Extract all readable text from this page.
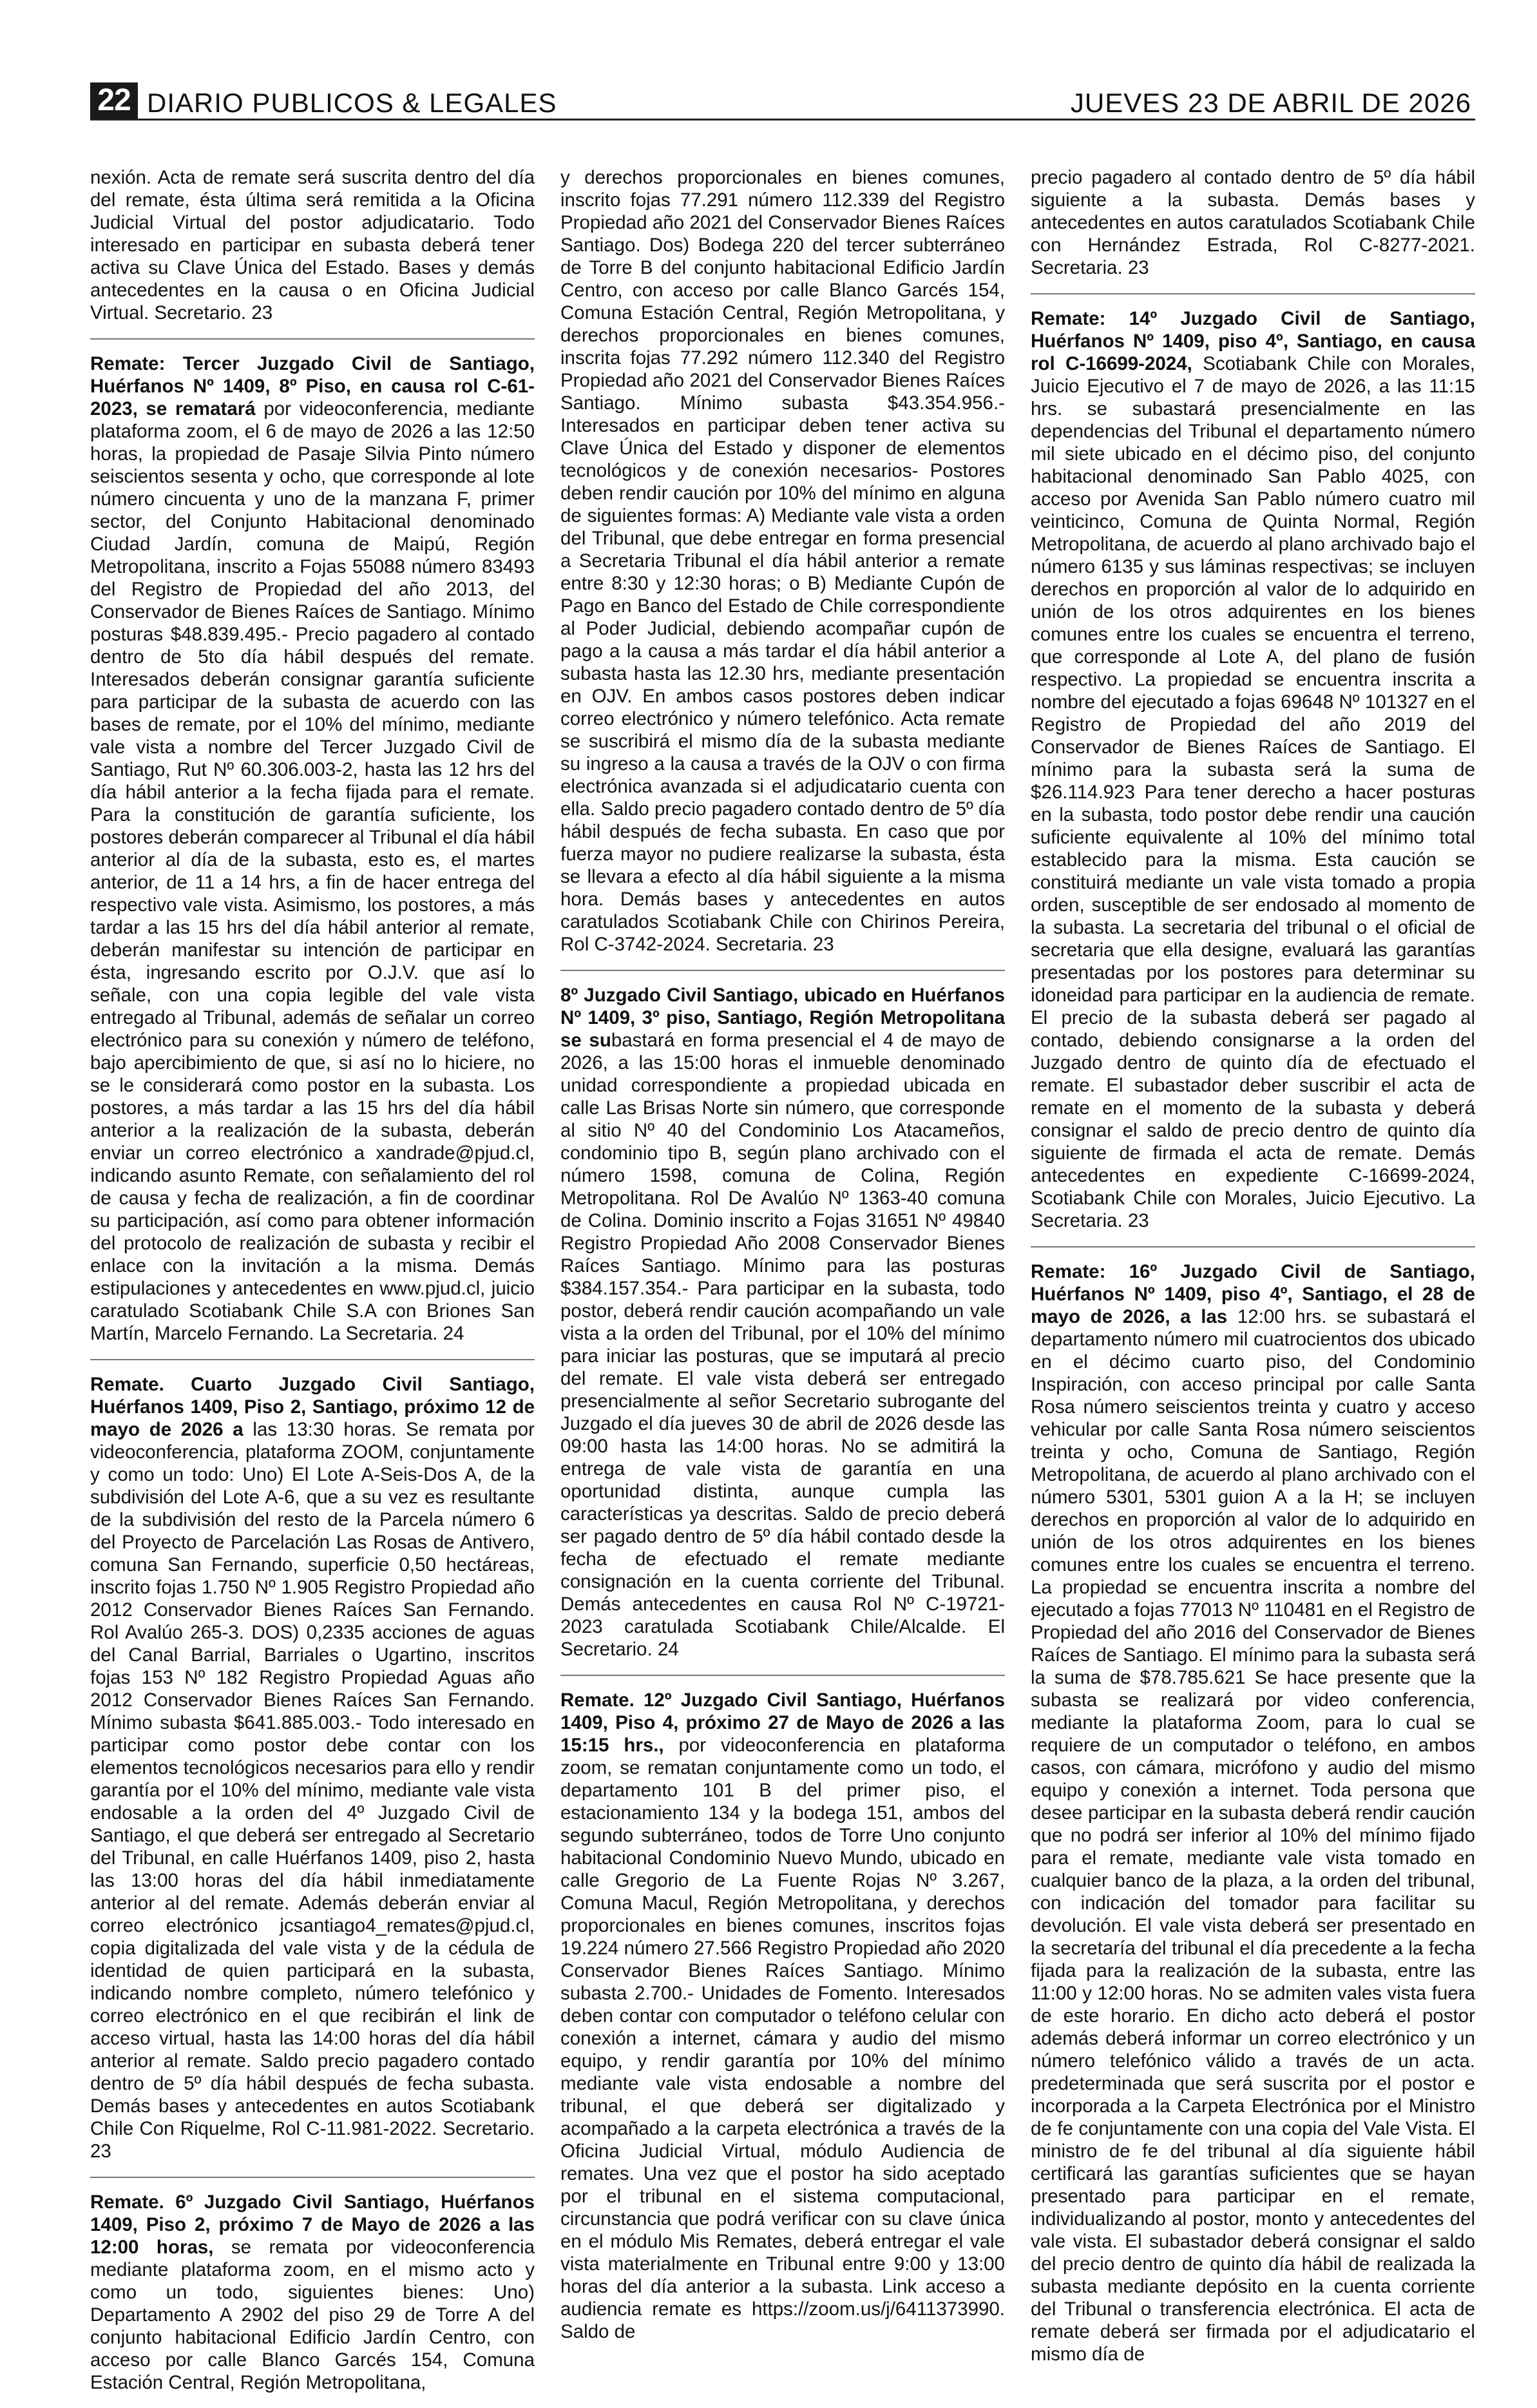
22 DIARIO PUBLICOS & LEGALES	JUEVES 23 DE ABRIL DE 2026

nexión. Acta de remate será suscrita dentro del día del remate, ésta última será remitida a la Oficina Judicial Virtual del postor adjudicatario. Todo interesado en participar en subasta deberá tener activa su Clave Única del Estado. Bases y demás antecedentes en la causa o en Oficina Judicial Virtual. Secretario. 23

Remate: Tercer Juzgado Civil de Santiago, Huérfanos Nº 1409, 8º Piso, en causa rol C-61-2023, se rematará por videoconferencia, mediante plataforma zoom, el 6 de mayo de 2026 a las 12:50 horas, la propiedad de Pasaje Silvia Pinto número seiscientos sesenta y ocho, que corresponde al lote número cincuenta y uno de la manzana F, primer sector, del Conjunto Habitacional denominado Ciudad Jardín, comuna de Maipú, Región Metropolitana, inscrito a Fojas 55088 número 83493 del Registro de Propiedad del año 2013, del Conservador de Bienes Raíces de Santiago. Mínimo posturas $48.839.495.- Precio pagadero al contado dentro de 5to día hábil después del remate. Interesados deberán consignar garantía suficiente para participar de la subasta de acuerdo con las bases de remate, por el 10% del mínimo, mediante vale vista a nombre del Tercer Juzgado Civil de Santiago, Rut Nº 60.306.003-2, hasta las 12 hrs del día hábil anterior a la fecha fijada para el remate. Para la constitución de garantía suficiente, los postores deberán comparecer al Tribunal el día hábil anterior al día de la subasta, esto es, el martes anterior, de 11 a 14 hrs, a fin de hacer entrega del respectivo vale vista. Asimismo, los postores, a más tardar a las 15 hrs del día hábil anterior al remate, deberán manifestar su intención de participar en ésta, ingresando escrito por O.J.V. que así lo señale, con una copia legible del vale vista entregado al Tribunal, además de señalar un correo electrónico para su conexión y número de teléfono, bajo apercibimiento de que, si así no lo hiciere, no se le considerará como postor en la subasta. Los postores, a más tardar a las 15 hrs del día hábil anterior a la realización de la subasta, deberán enviar un correo electrónico a xandrade@pjud.cl, indicando asunto Remate, con señalamiento del rol de causa y fecha de realización, a fin de coordinar su participación, así como para obtener información del protocolo de realización de subasta y recibir el enlace con la invitación a la misma. Demás estipulaciones y antecedentes en www.pjud.cl, juicio caratulado Scotiabank Chile S.A con Briones San Martín, Marcelo Fernando. La Secretaria. 24

Remate. Cuarto Juzgado Civil Santiago, Huérfanos 1409, Piso 2, Santiago, próximo 12 de mayo de 2026 a las 13:30 horas. Se remata por videoconferencia, plataforma ZOOM, conjuntamente y como un todo: Uno) El Lote A-Seis-Dos A, de la subdivisión del Lote A-6, que a su vez es resultante de la subdivisión del resto de la Parcela número 6 del Proyecto de Parcelación Las Rosas de Antivero, comuna San Fernando, superficie 0,50 hectáreas, inscrito fojas 1.750 Nº 1.905 Registro Propiedad año 2012 Conservador Bienes Raíces San Fernando. Rol Avalúo 265-3. DOS) 0,2335 acciones de aguas del Canal Barrial, Barriales o Ugartino, inscritos fojas 153 Nº 182 Registro Propiedad Aguas año 2012 Conservador Bienes Raíces San Fernando. Mínimo subasta $641.885.003.- Todo interesado en participar como postor debe contar con los elementos tecnológicos necesarios para ello y rendir garantía por el 10% del mínimo, mediante vale vista endosable a la orden del 4º Juzgado Civil de Santiago, el que deberá ser entregado al Secretario del Tribunal, en calle Huérfanos 1409, piso 2, hasta las 13:00 horas del día hábil inmediatamente anterior al del remate. Además deberán enviar al correo electrónico jcsantiago4_remates@pjud.cl, copia digitalizada del vale vista y de la cédula de identidad de quien participará en la subasta, indicando nombre completo, número telefónico y correo electrónico en el que recibirán el link de acceso virtual, hasta las 14:00 horas del día hábil anterior al remate. Saldo precio pagadero contado dentro de 5º día hábil después de fecha subasta. Demás bases y antecedentes en autos Scotiabank Chile Con Riquelme, Rol C-11.981-2022. Secretario. 23

Remate. 6º Juzgado Civil Santiago, Huérfanos 1409, Piso 2, próximo 7 de Mayo de 2026 a las 12:00 horas, se remata por videoconferencia mediante plataforma zoom, en el mismo acto y como un todo, siguientes bienes: Uno) Departamento A 2902 del piso 29 de Torre A del conjunto habitacional Edificio Jardín Centro, con acceso por calle Blanco Garcés 154, Comuna Estación Central, Región Metropolitana,

y derechos proporcionales en bienes comunes, inscrito fojas 77.291 número 112.339 del Registro Propiedad año 2021 del Conservador Bienes Raíces Santiago. Dos) Bodega 220 del tercer subterráneo de Torre B del conjunto habitacional Edificio Jardín Centro, con acceso por calle Blanco Garcés 154, Comuna Estación Central, Región Metropolitana, y derechos proporcionales en bienes comunes, inscrita fojas 77.292 número 112.340 del Registro Propiedad año 2021 del Conservador Bienes Raíces Santiago. Mínimo subasta $43.354.956.- Interesados en participar deben tener activa su Clave Única del Estado y disponer de elementos tecnológicos y de conexión necesarios- Postores deben rendir caución por 10% del mínimo en alguna de siguientes formas: A) Mediante vale vista a orden del Tribunal, que debe entregar en forma presencial a Secretaria Tribunal el día hábil anterior a remate entre 8:30 y 12:30 horas; o B) Mediante Cupón de Pago en Banco del Estado de Chile correspondiente al Poder Judicial, debiendo acompañar cupón de pago a la causa a más tardar el día hábil anterior a subasta hasta las 12.30 hrs, mediante presentación en OJV. En ambos casos postores deben indicar correo electrónico y número telefónico. Acta remate se suscribirá el mismo día de la subasta mediante su ingreso a la causa a través de la OJV o con firma electrónica avanzada si el adjudicatario cuenta con ella. Saldo precio pagadero contado dentro de 5º día hábil después de fecha subasta. En caso que por fuerza mayor no pudiere realizarse la subasta, ésta se llevara a efecto al día hábil siguiente a la misma hora. Demás bases y antecedentes en autos caratulados Scotiabank Chile con Chirinos Pereira, Rol C-3742-2024. Secretaria. 23

8º Juzgado Civil Santiago, ubicado en Huérfanos Nº 1409, 3º piso, Santiago, Región Metropolitana se subastará en forma presencial el 4 de mayo de 2026, a las 15:00 horas el inmueble denominado unidad correspondiente a propiedad ubicada en calle Las Brisas Norte sin número, que corresponde al sitio Nº 40 del Condominio Los Atacameños, condominio tipo B, según plano archivado con el número 1598, comuna de Colina, Región Metropolitana. Rol De Avalúo Nº 1363-40 comuna de Colina. Dominio inscrito a Fojas 31651 Nº 49840 Registro Propiedad Año 2008 Conservador Bienes Raíces Santiago. Mínimo para las posturas $384.157.354.- Para participar en la subasta, todo postor, deberá rendir caución acompañando un vale vista a la orden del Tribunal, por el 10% del mínimo para iniciar las posturas, que se imputará al precio del remate. El vale vista deberá ser entregado presencialmente al señor Secretario subrogante del Juzgado el día jueves 30 de abril de 2026 desde las 09:00 hasta las 14:00 horas. No se admitirá la entrega de vale vista de garantía en una oportunidad distinta, aunque cumpla las características ya descritas. Saldo de precio deberá ser pagado dentro de 5º día hábil contado desde la fecha de efectuado el remate mediante consignación en la cuenta corriente del Tribunal. Demás antecedentes en causa Rol Nº C-19721-2023 caratulada Scotiabank Chile/Alcalde. El Secretario. 24

Remate. 12º Juzgado Civil Santiago, Huérfanos 1409, Piso 4, próximo 27 de Mayo de 2026 a las 15:15 hrs., por videoconferencia en plataforma zoom, se rematan conjuntamente como un todo, el departamento 101 B del primer piso, el estacionamiento 134 y la bodega 151, ambos del segundo subterráneo, todos de Torre Uno conjunto habitacional Condominio Nuevo Mundo, ubicado en calle Gregorio de La Fuente Rojas Nº 3.267, Comuna Macul, Región Metropolitana, y derechos proporcionales en bienes comunes, inscritos fojas 19.224 número 27.566 Registro Propiedad año 2020 Conservador Bienes Raíces Santiago. Mínimo subasta 2.700.- Unidades de Fomento. Interesados deben contar con computador o teléfono celular con conexión a internet, cámara y audio del mismo equipo, y rendir garantía por 10% del mínimo mediante vale vista endosable a nombre del tribunal, el que deberá ser digitalizado y acompañado a la carpeta electrónica a través de la Oficina Judicial Virtual, módulo Audiencia de remates. Una vez que el postor ha sido aceptado por el tribunal en el sistema computacional, circunstancia que podrá verificar con su clave única en el módulo Mis Remates, deberá entregar el vale vista materialmente en Tribunal entre 9:00 y 13:00 horas del día anterior a la subasta. Link acceso a audiencia remate es https://zoom.us/j/6411373990. Saldo de

precio pagadero al contado dentro de 5º día hábil siguiente a la subasta. Demás bases y antecedentes en autos caratulados Scotiabank Chile con Hernández Estrada, Rol C-8277-2021. Secretaria. 23

Remate: 14º Juzgado Civil de Santiago, Huérfanos Nº 1409, piso 4º, Santiago, en causa rol C-16699-2024, Scotiabank Chile con Morales, Juicio Ejecutivo el 7 de mayo de 2026, a las 11:15 hrs. se subastará presencialmente en las dependencias del Tribunal el departamento número mil siete ubicado en el décimo piso, del conjunto habitacional denominado San Pablo 4025, con acceso por Avenida San Pablo número cuatro mil veinticinco, Comuna de Quinta Normal, Región Metropolitana, de acuerdo al plano archivado bajo el número 6135 y sus láminas respectivas; se incluyen derechos en proporción al valor de lo adquirido en unión de los otros adquirentes en los bienes comunes entre los cuales se encuentra el terreno, que corresponde al Lote A, del plano de fusión respectivo. La propiedad se encuentra inscrita a nombre del ejecutado a fojas 69648 Nº 101327 en el Registro de Propiedad del año 2019 del Conservador de Bienes Raíces de Santiago. El mínimo para la subasta será la suma de $26.114.923 Para tener derecho a hacer posturas en la subasta, todo postor debe rendir una caución suficiente equivalente al 10% del mínimo total establecido para la misma. Esta caución se constituirá mediante un vale vista tomado a propia orden, susceptible de ser endosado al momento de la subasta. La secretaria del tribunal o el oficial de secretaria que ella designe, evaluará las garantías presentadas por los postores para determinar su idoneidad para participar en la audiencia de remate. El precio de la subasta deberá ser pagado al contado, debiendo consignarse a la orden del Juzgado dentro de quinto día de efectuado el remate. El subastador deber suscribir el acta de remate en el momento de la subasta y deberá consignar el saldo de precio dentro de quinto día siguiente de firmada el acta de remate. Demás antecedentes en expediente C-16699-2024, Scotiabank Chile con Morales, Juicio Ejecutivo. La Secretaria. 23

Remate: 16º Juzgado Civil de Santiago, Huérfanos Nº 1409, piso 4º, Santiago, el 28 de mayo de 2026, a las 12:00 hrs. se subastará el departamento número mil cuatrocientos dos ubicado en el décimo cuarto piso, del Condominio Inspiración, con acceso principal por calle Santa Rosa número seiscientos treinta y cuatro y acceso vehicular por calle Santa Rosa número seiscientos treinta y ocho, Comuna de Santiago, Región Metropolitana, de acuerdo al plano archivado con el número 5301, 5301 guion A a la H; se incluyen derechos en proporción al valor de lo adquirido en unión de los otros adquirentes en los bienes comunes entre los cuales se encuentra el terreno. La propiedad se encuentra inscrita a nombre del ejecutado a fojas 77013 Nº 110481 en el Registro de Propiedad del año 2016 del Conservador de Bienes Raíces de Santiago. El mínimo para la subasta será la suma de $78.785.621 Se hace presente que la subasta se realizará por video conferencia, mediante la plataforma Zoom, para lo cual se requiere de un computador o teléfono, en ambos casos, con cámara, micrófono y audio del mismo equipo y conexión a internet. Toda persona que desee participar en la subasta deberá rendir caución que no podrá ser inferior al 10% del mínimo fijado para el remate, mediante vale vista tomado en cualquier banco de la plaza, a la orden del tribunal, con indicación del tomador para facilitar su devolución. El vale vista deberá ser presentado en la secretaría del tribunal el día precedente a la fecha fijada para la realización de la subasta, entre las 11:00 y 12:00 horas. No se admiten vales vista fuera de este horario. En dicho acto deberá el postor además deberá informar un correo electrónico y un número telefónico válido a través de un acta. predeterminada que será suscrita por el postor e incorporada a la Carpeta Electrónica por el Ministro de fe conjuntamente con una copia del Vale Vista. El ministro de fe del tribunal al día siguiente hábil certificará las garantías suficientes que se hayan presentado para participar en el remate, individualizando al postor, monto y antecedentes del vale vista. El subastador deberá consignar el saldo del precio dentro de quinto día hábil de realizada la subasta mediante depósito en la cuenta corriente del Tribunal o transferencia electrónica. El acta de remate deberá ser firmada por el adjudicatario el mismo día de
